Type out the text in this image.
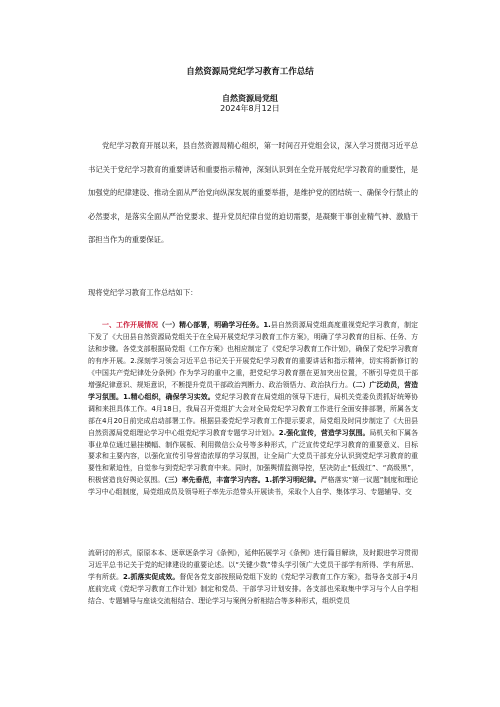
自然资源局党纪学习教育工作总结
自然资源局党组
2024年8月12日

党纪学习教育开展以来，县自然资源局精心组织，第一时间召开党组会议，深入学习贯彻习近平总书记关于党纪学习教育的重要讲话和重要指示精神，深刻认识到在全党开展党纪学习教育的重要性，是加强党的纪律建设、推动全面从严治党向纵深发展的重要举措，是维护党的团结统一、确保令行禁止的必然要求，是落实全面从严治党要求、提升党员纪律自觉的迫切需要，是凝聚干事创业精气神、激励干部担当作为的重要保证。

现将党纪学习教育工作总结如下：

一、工作开展情况（一）精心部署，明确学习任务。1.县自然资源局党组高度重视党纪学习教育，制定下发了《大田县自然资源局党组关于在全局开展党纪学习教育工作方案》，明确了学习教育的目标、任务、方法和步骤。各党支部根据局党组《工作方案》也相应制定了《党纪学习教育工作计划》，确保了党纪学习教育的有序开展。2.深刻学习领会习近平总书记关于开展党纪学习教育的重要讲话和指示精神，切实将新修订的《中国共产党纪律处分条例》作为学习的重中之重，把党纪学习教育摆在更加突出位置，不断引导党员干部增强纪律意识、规矩意识，不断提升党员干部政治判断力、政治领悟力、政治执行力。（二）广泛动员，营造学习氛围。1.精心组织，确保学习实效。党纪学习教育在局党组的领导下进行，局机关党委负责抓好统筹协调和来担具体工作。4月18日，我局召开党组扩大会对全局党纪学习教育工作进行全面安排部署，所属各支部在4月20日前完成启动部署工作。根据县委党纪学习教育工作提示要求，局党组及时同步制定了《大田县自然资源局党组理论学习中心组党纪学习教育专题学习计划》。2.强化宣传，营造学习氛围。局机关和下属各事业单位通过悬挂横幅、制作展板、利用微信公众号等多种形式，广泛宣传党纪学习教育的重要意义、目标要求和主要内容，以强化宣传引导营造浓厚的学习氛围，让全局广大党员干部充分认识到党纪学习教育的重要性和紧迫性，自觉参与到党纪学习教育中来。同时，加强舆情监测导控，坚决防止“低级红”、“高级黑”，积极营造良好舆论氛围。（三）率先垂范，丰富学习内容。1.抓学习明纪律。严格落实“第一议题”制度和理论学习中心组制度，局党组成员及领导班子率先示范带头开展读书，采取个人自学、集体学习、专题辅导、交

流研讨的形式，原原本本、逐章逐条学习《条例》，延伸拓展学习《条例》进行篇目解读，及时跟进学习贯彻习近平总书记关于党的纪律建设的重要论述。以“关键少数”带头学引领广大党员干部学有所得、学有所思、学有所获。2.抓落实促成效。督促各党支部按照局党组下发的《党纪学习教育工作方案》，指导各支部于4月底前完成《党纪学习教育工作计划》制定和党员、干部学习计划安排。各支部也采取集中学习与个人自学相结合、专题辅导与座谈交流相结合、理论学习与案例分析相结合等多种形式，组织党员
